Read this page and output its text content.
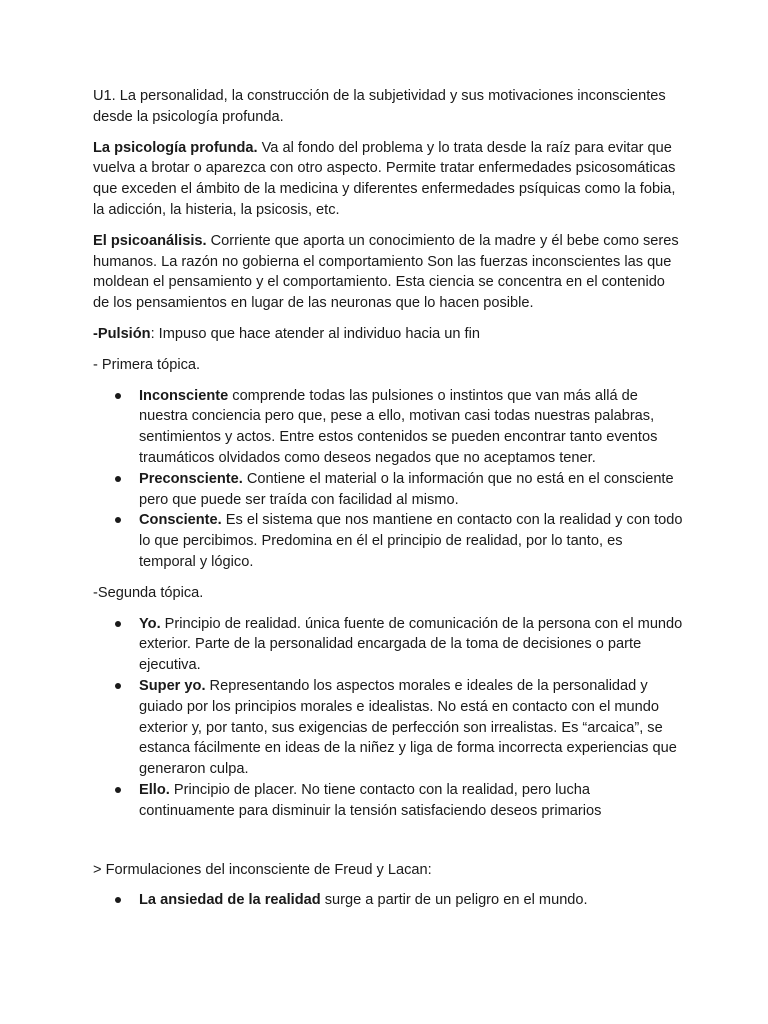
U1. La personalidad, la construcción de la subjetividad y sus motivaciones inconscientes desde la psicología profunda.

La psicología profunda. Va al fondo del problema y lo trata desde la raíz para evitar que vuelva a brotar o aparezca con otro aspecto. Permite tratar enfermedades psicosomáticas que exceden el ámbito de la medicina y diferentes enfermedades psíquicas como la fobia, la adicción, la histeria, la psicosis, etc.

El psicoanálisis. Corriente que aporta un conocimiento de la madre y él bebe como seres humanos. La razón no gobierna el comportamiento Son las fuerzas inconscientes las que moldean el pensamiento y el comportamiento. Esta ciencia se concentra en el contenido de los pensamientos en lugar de las neuronas que lo hacen posible.

-Pulsión: Impuso que hace atender al individuo hacia un fin

- Primera tópica.

Inconsciente comprende todas las pulsiones o instintos que van más allá de nuestra conciencia pero que, pese a ello, motivan casi todas nuestras palabras, sentimientos y actos. Entre estos contenidos se pueden encontrar tanto eventos traumáticos olvidados como deseos negados que no aceptamos tener.
Preconsciente. Contiene el material o la información que no está en el consciente pero que puede ser traída con facilidad al mismo.
Consciente. Es el sistema que nos mantiene en contacto con la realidad y con todo lo que percibimos. Predomina en él el principio de realidad, por lo tanto, es temporal y lógico.

-Segunda tópica.

Yo. Principio de realidad. única fuente de comunicación de la persona con el mundo exterior. Parte de la personalidad encargada de la toma de decisiones o parte ejecutiva.
Super yo. Representando los aspectos morales e ideales de la personalidad y guiado por los principios morales e idealistas. No está en contacto con el mundo exterior y, por tanto, sus exigencias de perfección son irrealistas. Es “arcaica”, se estanca fácilmente en ideas de la niñez y liga de forma incorrecta experiencias que generaron culpa.
Ello. Principio de placer. No tiene contacto con la realidad, pero lucha continuamente para disminuir la tensión satisfaciendo deseos primarios

> Formulaciones del inconsciente de Freud y Lacan:

La ansiedad de la realidad surge a partir de un peligro en el mundo.
